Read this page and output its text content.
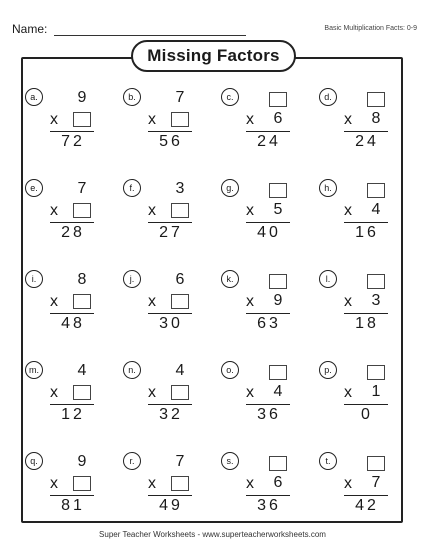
Name:	Basic Multiplication Facts: 0-9
Missing Factors
a.	9
x
72
b.	7
x
56
c.
x	6
24
d.
x	8
24
e.	7
x
28
f.	3
x
27
g.
x	5
40
h.
x	4
16
i.	8
x
48
j.	6
x
30
k.
x	9
63
l.
x	3
18
m.	4
x
12
n.	4
x
32
o.
x	4
36
p.
x	1
0
q.	9
x
81
r.	7
x
49
s.
x	6
36
t.
x	7
42
Super Teacher Worksheets - www.superteacherworksheets.com
